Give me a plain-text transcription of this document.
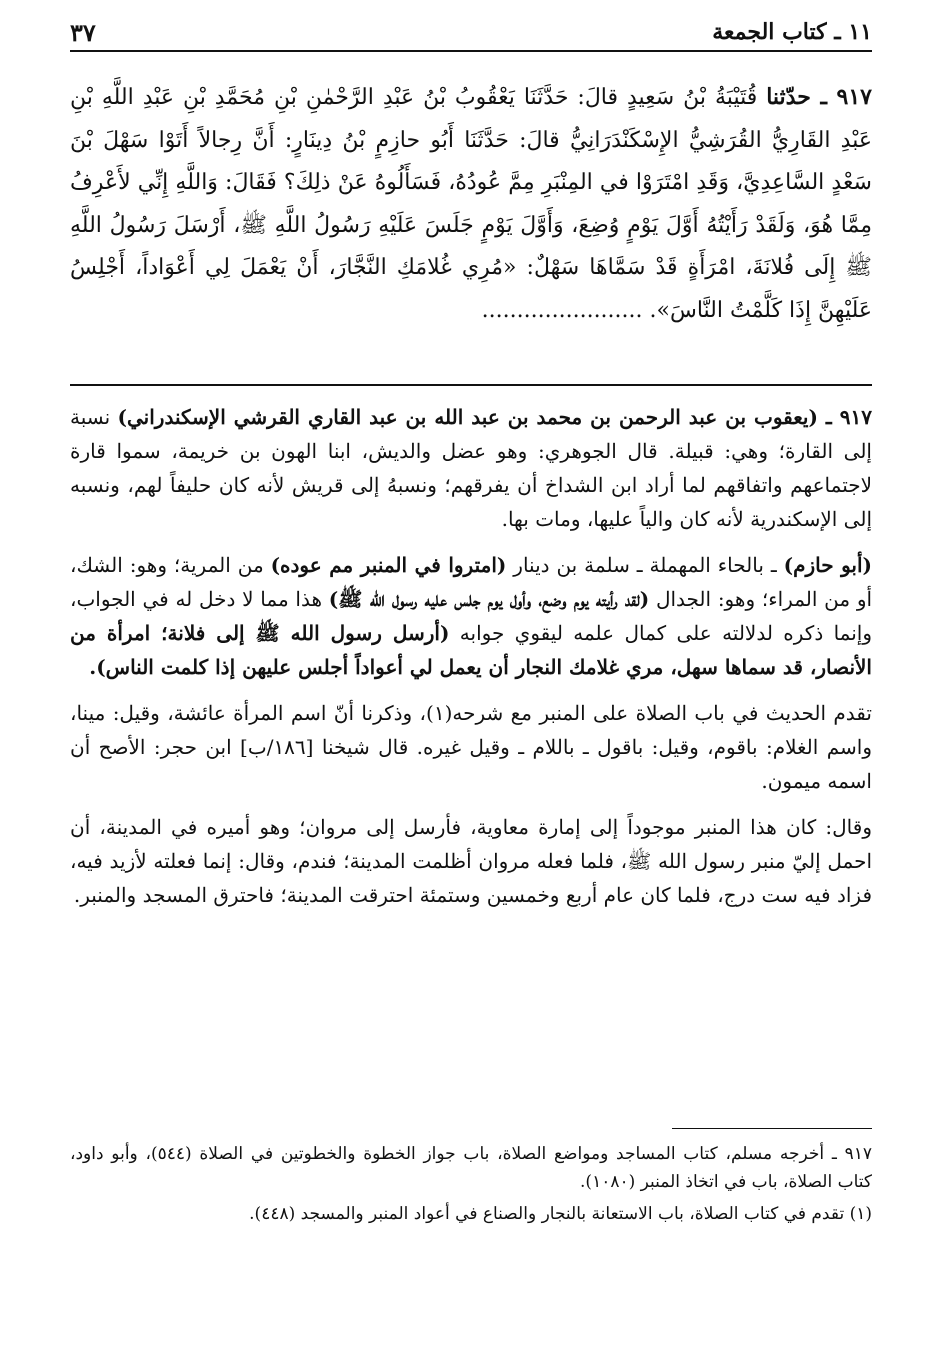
١١ ـ كتاب الجمعة
٣٧
٩١٧ ـ حدّثنا قُتَيْبَةُ بْنُ سَعِيدٍ قالَ: حَدَّثَنَا يَعْقُوبُ بْنُ عَبْدِ الرَّحْمٰنِ بْنِ مُحَمَّدِ بْنِ عَبْدِ اللَّهِ بْنِ عَبْدِ القَارِيُّ القُرَشِيُّ الإِسْكَنْدَرَانِيُّ قالَ: حَدَّثَنَا أَبُو حازِمٍ بْنُ دِينَارٍ: أَنَّ رِجالاً أَتَوْا سَهْلَ بْنَ سَعْدٍ السَّاعِدِيَّ، وَقَدِ امْتَرَوْا في المِنْبَرِ مِمَّ عُودُهُ، فَسَأَلُوهُ عَنْ ذلِكَ؟ فَقَالَ: وَاللَّهِ إِنِّي لأَعْرِفُ مِمَّا هُوَ، وَلَقَدْ رَأَيْتُهُ أَوَّلَ يَوْمٍ وُضِعَ، وَأَوَّلَ يَوْمٍ جَلَسَ عَلَيْهِ رَسُولُ اللَّهِ ﷺ، أَرْسَلَ رَسُولُ اللَّهِ ﷺ إِلَى فُلانَةَ، امْرَأَةٍ قَدْ سَمَّاهَا سَهْلٌ: «مُرِي غُلامَكِ النَّجَّارَ، أَنْ يَعْمَلَ لِي أَعْوَاداً، أَجْلِسُ عَلَيْهِنَّ إِذَا كَلَّمْتُ النَّاسَ». .......................

٩١٧ ـ (يعقوب بن عبد الرحمن بن محمد بن عبد الله بن عبد القاري القرشي الإسكندراني) نسبة إلى القارة؛ وهي: قبيلة. قال الجوهري: وهو عضل والديش، ابنا الهون بن خريمة، سموا قارة لاجتماعهم واتفاقهم لما أراد ابن الشداخ أن يفرقهم؛ ونسبهُ إلى قريش لأنه كان حليفاً لهم، ونسبه إلى الإسكندرية لأنه كان والياً عليها، ومات بها.

(أبو حازم) ـ بالحاء المهملة ـ سلمة بن دينار (امتروا في المنبر مم عوده) من المرية؛ وهو: الشك، أو من المراء؛ وهو: الجدال (لقد رأيته يوم وضع، وأول يوم جلس عليه رسول الله ﷺ) هذا مما لا دخل له في الجواب، وإنما ذكره لدلالته على كمال علمه ليقوي جوابه (أرسل رسول الله ﷺ إلى فلانة؛ امرأة من الأنصار، قد سماها سهل، مري غلامك النجار أن يعمل لي أعواداً أجلس عليهن إذا كلمت الناس).

تقدم الحديث في باب الصلاة على المنبر مع شرحه(١)، وذكرنا أنّ اسم المرأة عائشة، وقيل: مينا، واسم الغلام: باقوم، وقيل: باقول ـ باللام ـ وقيل غيره. قال شيخنا [١٨٦/ب] ابن حجر: الأصح أن اسمه ميمون.

وقال: كان هذا المنبر موجوداً إلى إمارة معاوية، فأرسل إلى مروان؛ وهو أميره في المدينة، أن احمل إليّ منبر رسول الله ﷺ، فلما فعله مروان أظلمت المدينة؛ فندم، وقال: إنما فعلته لأزيد فيه، فزاد فيه ست درج، فلما كان عام أربع وخمسين وستمئة احترقت المدينة؛ فاحترق المسجد والمنبر.

٩١٧ ـ أخرجه مسلم، كتاب المساجد ومواضع الصلاة، باب جواز الخطوة والخطوتين في الصلاة (٥٤٤)، وأبو داود، كتاب الصلاة، باب في اتخاذ المنبر (١٠٨٠).

(١) تقدم في كتاب الصلاة، باب الاستعانة بالنجار والصناع في أعواد المنبر والمسجد (٤٤٨).
